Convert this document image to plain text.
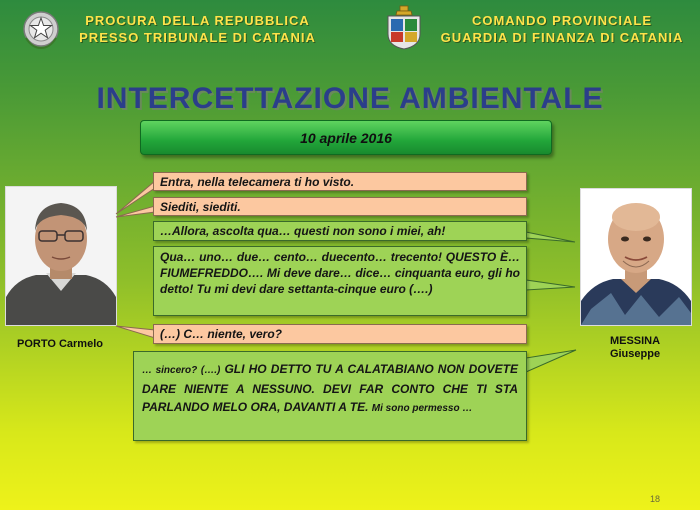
PROCURA DELLA REPUBBLICA
PRESSO TRIBUNALE DI CATANIA
COMANDO PROVINCIALE
GUARDIA DI FINANZA DI CATANIA
INTERCETTAZIONE AMBIENTALE
10 aprile 2016
PORTO Carmelo	MESSINA
Giuseppe
Entra, nella telecamera ti ho visto.
Siediti, siediti.
…Allora, ascolta qua… questi non sono i miei, ah!
Qua… uno… due… cento… duecento… trecento! QUESTO È… FIUMEFREDDO…. Mi deve dare… dice… cinquanta euro, gli ho detto! Tu mi devi dare settanta-cinque euro (….)
(…) C… niente, vero?
… sincero? (….) GLI HO DETTO TU A CALATABIANO NON DOVETE DARE NIENTE A NESSUNO. DEVI FAR CONTO CHE TI STA PARLANDO MELO ORA, DAVANTI A TE. Mi sono permesso …
18
